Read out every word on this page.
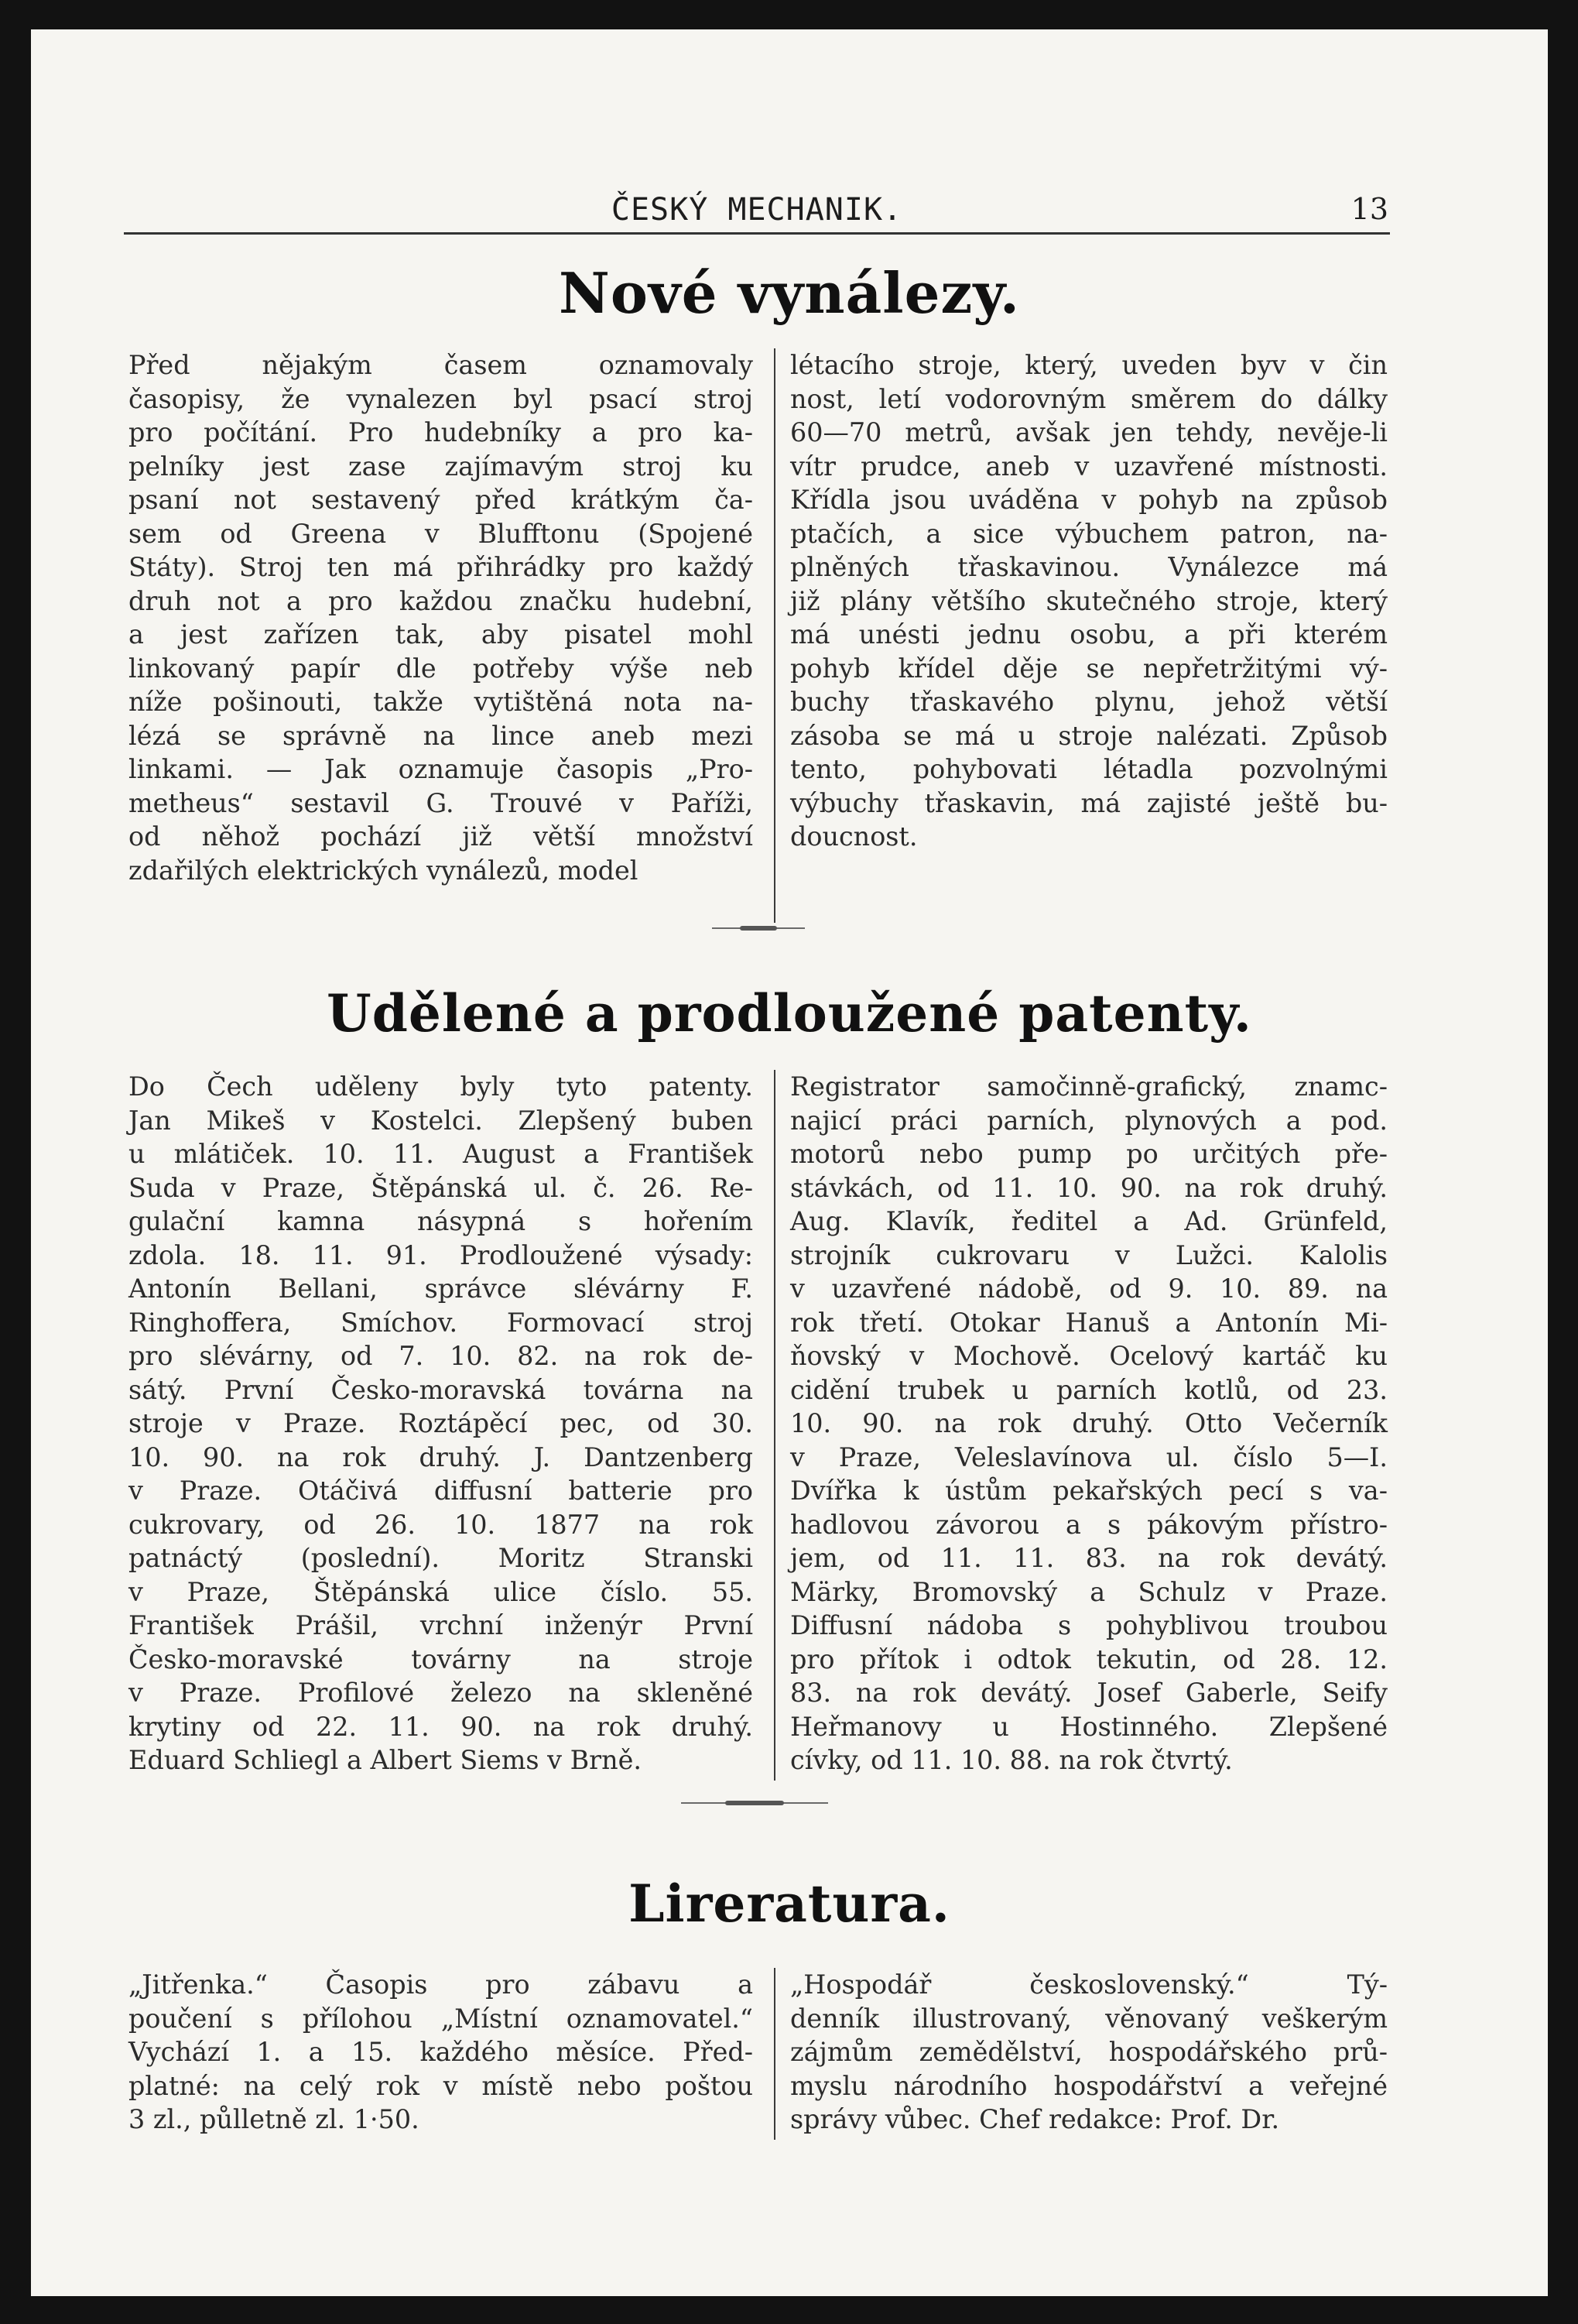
ČESKÝ MECHANIK.	13
Nové vynálezy.
Před nějakým časem oznamovaly
časopisy, že vynalezen byl psací stroj
pro počítání. Pro hudebníky a pro ka-
pelníky jest zase zajímavým stroj ku
psaní not sestavený před krátkým ča-
sem od Greena v Blufftonu (Spojené
Státy). Stroj ten má přihrádky pro každý
druh not a pro každou značku hudební,
a jest zařízen tak, aby pisatel mohl
linkovaný papír dle potřeby výše neb
níže pošinouti, takže vytištěná nota na-
lézá se správně na lince aneb mezi
linkami. — Jak oznamuje časopis „Pro-
metheus“ sestavil G. Trouvé v Paříži,
od něhož pochází již větší množství
zdařilých elektrických vynálezů, model
létacího stroje, který, uveden byv v čin
nost, letí vodorovným směrem do dálky
60—70 metrů, avšak jen tehdy, nevěje-li
vítr prudce, aneb v uzavřené místnosti.
Křídla jsou uváděna v pohyb na způsob
ptačích, a sice výbuchem patron, na-
plněných třaskavinou. Vynálezce má
již plány většího skutečného stroje, který
má unésti jednu osobu, a při kterém
pohyb křídel děje se nepřetržitými vý-
buchy třaskavého plynu, jehož větší
zásoba se má u stroje nalézati. Způsob
tento, pohybovati létadla pozvolnými
výbuchy třaskavin, má zajisté ještě bu-
doucnost.
Udělené a prodloužené patenty.
Do Čech uděleny byly tyto patenty.
Jan Mikeš v Kostelci. Zlepšený buben
u mlátiček. 10. 11. August a František
Suda v Praze, Štěpánská ul. č. 26. Re-
gulační kamna násypná s hořením
zdola. 18. 11. 91. Prodloužené výsady:
Antonín Bellani, správce slévárny F.
Ringhoffera, Smíchov. Formovací stroj
pro slévárny, od 7. 10. 82. na rok de-
sátý. První Česko-moravská továrna na
stroje v Praze. Roztápěcí pec, od 30.
10. 90. na rok druhý. J. Dantzenberg
v Praze. Otáčivá diffusní batterie pro
cukrovary, od 26. 10. 1877 na rok
patnáctý (poslední). Moritz Stranski
v Praze, Štěpánská ulice číslo. 55.
František Prášil, vrchní inženýr První
Česko-moravské továrny na stroje
v Praze. Profilové železo na skleněné
krytiny od 22. 11. 90. na rok druhý.
Eduard Schliegl a Albert Siems v Brně.
Registrator samočinně-grafický, znamc-
najicí práci parních, plynových a pod.
motorů nebo pump po určitých pře-
stávkách, od 11. 10. 90. na rok druhý.
Aug. Klavík, ředitel a Ad. Grünfeld,
strojník cukrovaru v Lužci. Kalolis
v uzavřené nádobě, od 9. 10. 89. na
rok třetí. Otokar Hanuš a Antonín Mi-
ňovský v Mochově. Ocelový kartáč ku
cidění trubek u parních kotlů, od 23.
10. 90. na rok druhý. Otto Večerník
v Praze, Veleslavínova ul. číslo 5—I.
Dvířka k ústům pekařských pecí s va-
hadlovou závorou a s pákovým přístro-
jem, od 11. 11. 83. na rok devátý.
Märky, Bromovský a Schulz v Praze.
Diffusní nádoba s pohyblivou troubou
pro přítok i odtok tekutin, od 28. 12.
83. na rok devátý. Josef Gaberle, Seify
Heřmanovy u Hostinného. Zlepšené
cívky, od 11. 10. 88. na rok čtvrtý.
Lireratura.
„Jitřenka.“ Časopis pro zábavu a
poučení s přílohou „Místní oznamovatel.“
Vychází 1. a 15. každého měsíce. Před-
platné: na celý rok v místě nebo poštou
3 zl., půlletně zl. 1·50.
„Hospodář československý.“ Tý-
denník illustrovaný, věnovaný veškerým
zájmům zemědělství, hospodářského prů-
myslu národního hospodářství a veřejné
správy vůbec. Chef redakce: Prof. Dr.
